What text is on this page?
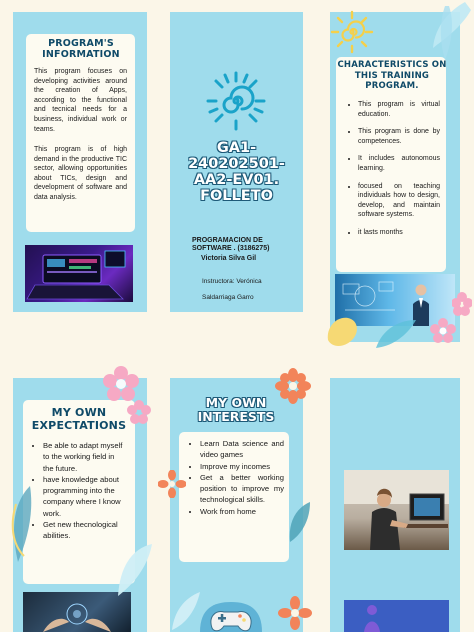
PROGRAM'S INFORMATION
This program focuses on developing activities around the creation of Apps, according to the functional and tecnical needs for a business, individual work or teams.
This program is of high demand in the productive TIC sector, allowing opportunities about TICs, design and development of software and data analysis.
GA1-240202501-AA2-EV01. FOLLETO
PROGRAMACION DE SOFTWARE . (3186275)
Victoria Silva Gil
Instructora: Verónica
Saldarriaga Garro
CHARACTERISTICS ON THIS TRAINING PROGRAM.
• This program is virtual education.
• This program is done by competences.
• It includes autonomous learning.
• focused on teaching individuals how to design, develop, and maintain software systems.
• it lasts months
MY OWN EXPECTATIONS
• Be able to adapt myself to the working field in the future.
• have knowledge about programming into the company where I know work.
• Get new thecnological abilities.
MY OWN INTERESTS
• Learn Data science and video games
• Improve my incomes
• Get a better working position to improve my technological skills.
• Work from home
